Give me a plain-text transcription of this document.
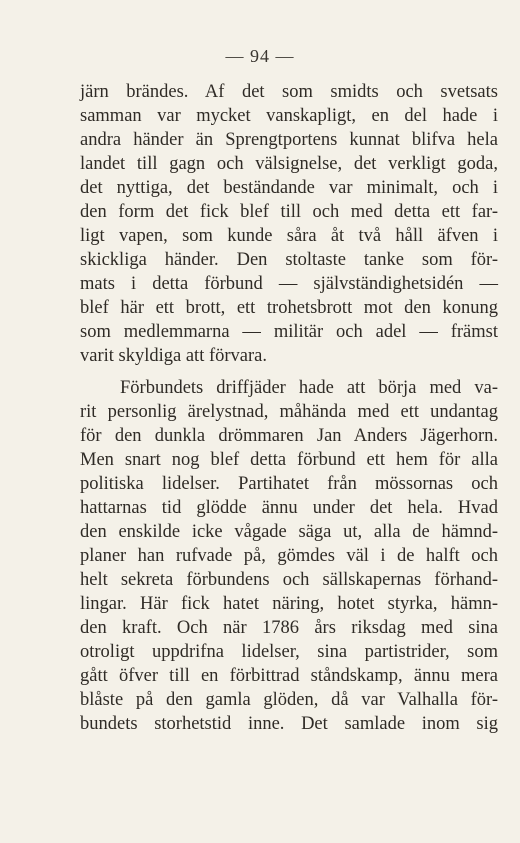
— 94 —
järn brändes. Af det som smidts och svetsats
samman var mycket vanskapligt, en del hade i
andra händer än Sprengtportens kunnat blifva hela
landet till gagn och välsignelse, det verkligt goda,
det nyttiga, det beständande var minimalt, och i
den form det fick blef till och med detta ett far-
ligt vapen, som kunde såra åt två håll äfven i
skickliga händer. Den stoltaste tanke som för-
mats i detta förbund — självständighetsidén —
blef här ett brott, ett trohetsbrott mot den konung
som medlemmarna — militär och adel — främst
varit skyldiga att förvara.
Förbundets driffjäder hade att börja med va-
rit personlig ärelystnad, måhända med ett undantag
för den dunkla drömmaren Jan Anders Jägerhorn.
Men snart nog blef detta förbund ett hem för alla
politiska lidelser. Partihatet från mössornas och
hattarnas tid glödde ännu under det hela. Hvad
den enskilde icke vågade säga ut, alla de hämnd-
planer han rufvade på, gömdes väl i de halft och
helt sekreta förbundens och sällskapernas förhand-
lingar. Här fick hatet näring, hotet styrka, hämn-
den kraft. Och när 1786 års riksdag med sina
otroligt uppdrifna lidelser, sina partistrider, som
gått öfver till en förbittrad ståndskamp, ännu mera
blåste på den gamla glöden, då var Valhalla för-
bundets storhetstid inne. Det samlade inom sig
